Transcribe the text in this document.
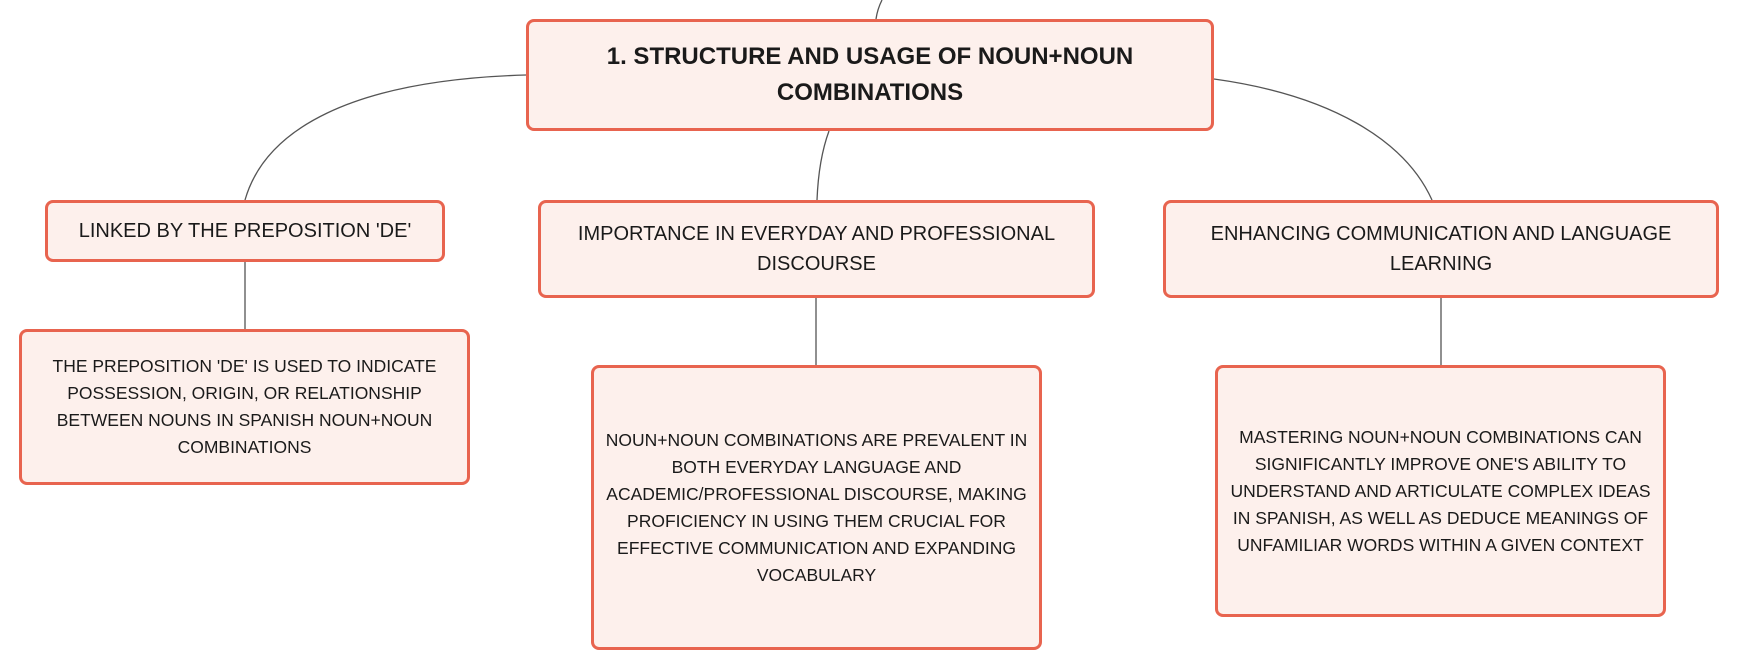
1. STRUCTURE AND USAGE OF NOUN+NOUN COMBINATIONS
LINKED BY THE PREPOSITION 'DE'	IMPORTANCE IN EVERYDAY AND PROFESSIONAL DISCOURSE
ENHANCING COMMUNICATION AND LANGUAGE LEARNING
THE PREPOSITION 'DE' IS USED TO INDICATE POSSESSION, ORIGIN, OR RELATIONSHIP BETWEEN NOUNS IN SPANISH NOUN+NOUN COMBINATIONS	NOUN+NOUN COMBINATIONS ARE PREVALENT IN BOTH EVERYDAY LANGUAGE AND ACADEMIC/PROFESSIONAL DISCOURSE, MAKING PROFICIENCY IN USING THEM CRUCIAL FOR EFFECTIVE COMMUNICATION AND EXPANDING VOCABULARY
MASTERING NOUN+NOUN COMBINATIONS CAN SIGNIFICANTLY IMPROVE ONE'S ABILITY TO UNDERSTAND AND ARTICULATE COMPLEX IDEAS IN SPANISH, AS WELL AS DEDUCE MEANINGS OF UNFAMILIAR WORDS WITHIN A GIVEN CONTEXT
